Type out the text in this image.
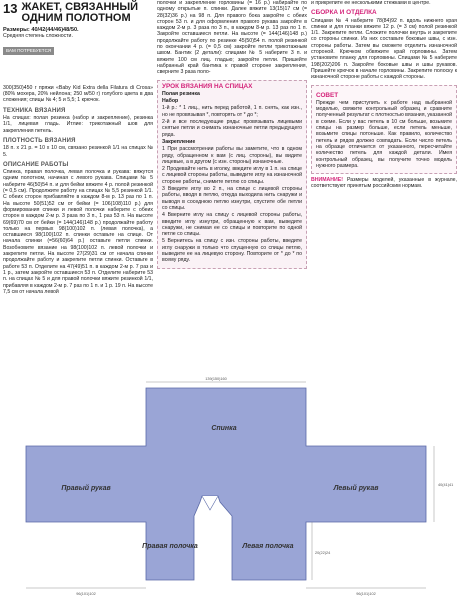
13 ЖАКЕТ, СВЯЗАННЫЙ
ОДНИМ ПОЛОТНОМ
Размеры: 40/42(44/46)48/50.
Средняя степень сложности.
ВАМ ПОТРЕБУЕТСЯ
300(350)450 г пряжи «Baby Kid Extra della Filatura di Crosa» (80% мохера, 20% нейлона; 250 м/50 г) голубого цвета в два сложения; спицы № 4; 5 и 5,5; 1 крючок.
ТЕХНИКА ВЯЗАНИЯ
На спицах: полая резинка (набор и закрепление), резинка 1/1, лицевая гладь. Итлие: трикотажный шов для закрепления петель.
ПЛОТНОСТЬ ВЯЗАНИЯ
18 п. x 21 р. = 10 x 10 см, связано резинкой 1/1 на спицах № 5.
ОПИСАНИЕ РАБОТЫ
Спинка, правая полочка, левая полочка и рукава: вяжутся одним полотном, начиная с левого рукава. Спицами № 5 наберите 46(50)54 п. и для бейки вяжите 4 р. полой резинкой (= 0,5 см). Продолжите работу на спицах № 5,5 резинкой 1/1. С обеих сторон прибавляйте в каждом 8-м р. 13 раз по 1 п. На высоте 50(51)52 см от бейки (= 106(108)110 р.) для формирования спинки и левой полочки наберите с обеих сторон в каждом 2-м р. 3 раза по 3 п., 1 раз 53 п. На высоте 69(69)70 см от бейки (= 144(146)148 р.) продолжайте работу только на первых 98(100)102 п. (левая полочка), а оставшиеся 98(100)102 п. спинки оставьте на спице. От начала спинки (=56(60)64 р.) оставьте петли спинки. Возобновите вязание на 98(100)102 п. левой полочки и закрепите петли. На высоте 27(29)31 см от начала спинки продолжайте работу и закрепите петли спинки. Оставьте в работе 53 п. Отделите на 47(49)51 п. в каждом 2-м р. 7 раз и 1 р., затем закройте оставшиеся 53 п. Отделите наберите 53 п. на спицах № 5 и для правой полочки вяжите резинкой 1/1, прибавляя в каждом 2-м р. 7 раз по 1 п. и 1 р. 19 п. На высоте 7,5 см от начала левой
полочки и закрепление горловины (= 16 р.) набирайте по одному открытые п. спинки. Далее вяжите 13(15)17 см (= 28(32)36 р.) на 98 п. Для правого бока закройте с обеих сторон 53 п. и для оформления правого рукава закройте в каждом 2-м р. 3 раза по 3 п., в каждом 8-м р. 13 раз по 1 п. Закройте оставшиеся петли. На высоте (= 144(146)148 р.) продолжайте работу по резинке 45(50)54 п. полой резинкой по окончании 4 р. (= 0,5 см) закройте петли трикотажным швом. Бантик (2 детали): спицами № 5 наберите 3 п. и вяжите 100 см лиц. гладью; закройте петли. Пришейте набранный край бантика к правой стороне закрепления, сверните 3 раза поло-
УРОК ВЯЗАНИЯ НА СПИЦАХ
Полая резинка
Набор
1-й р.: * 1 лиц., нить перед работой, 1 п. снять, как изн., но не провязывая *, повторять от * до *;
2-й и все последующие ряды: провязывать лицевыми снятые петли и снимать изнаночные петли предыдущего ряда.
Закрепление
1 При рассмотрении работы вы заметите, что в одном ряду, обращенном к вам (с лиц. стороны), вы видите лицевые, а в другом (с изн. стороны) изнаночные.
2 Продевайте нить в иголку, введите иглу в 1 п. на спице с лицевой стороны работы, выведите иглу на изнаночной стороне работы, снимите петлю со спицы.
3 Введите иглу во 2 п., на спице с лицевой стороны работы, вводя в петлю, откуда выходила нить снаружи и выводя в соседнюю петлю изнутри, спустите обе петли со спицы.
4 Вверните иглу на спицу с лицевой стороны работы, введите иглу изнутри, обращенную к вам, выведите снаружи, не снимая ее со спицы и повторите по одной петле со спицы.
5 Вернитесь на спицу с изн. стороны работы, введите иглу снаружи в только что спущенную со спицы петлю, выведите ее на лицевую сторону. Повторите от * до * по всему ряду.
и прикрепите ее несколькими стежками в центре.
СБОРКА И ОТДЕЛКА
Спицами № 4 наберите 78(84)92 п. вдоль нижнего края спинки и для планки вяжите 12 р. (= 3 см) полой резинкой 1/1. Закрепите петли. Сложите полочки внутрь и закрепите со стороны спинки. Из них составьте боковые швы, с изн. стороны работы. Затем вы сможете отделить изнаночной стороной. Крючком обвяжите край горловины. Затем установите планку для горловины. Спицами № 5 наберите 198(202)206 п. Закройте боковые швы и швы рукавов. Пришейте крючок в начале горловины. Закрепите полоску к изнаночной стороне работы с каждой стороны.
СОВЕТ
Прежде чем приступить к работе над выбранной моделью, свяжите контрольный образец и сравните полученный результат с плотностью вязания, указанной в схеме. Если у вас петель в 10 см больше, возьмите спицы на размер больше, если петель меньше, возьмите спицы потоньше. Как правило, количество петель и рядов должно совпадать. Если число петель на образце отличается от указанного, пересчитайте количество петель для каждой детали. Имея контрольный образец, вы получите точно модель нужного размера.
ВНИМАНИЕ! Размеры моделей, указанные в журнале, соответствуют принятым российским нормам.
139(150)160
40(41)41
96(101)102	96(101)102
20(22)24
Спинка
Правый рукав	Левый рукав
Правая полочка	Левая полочка
